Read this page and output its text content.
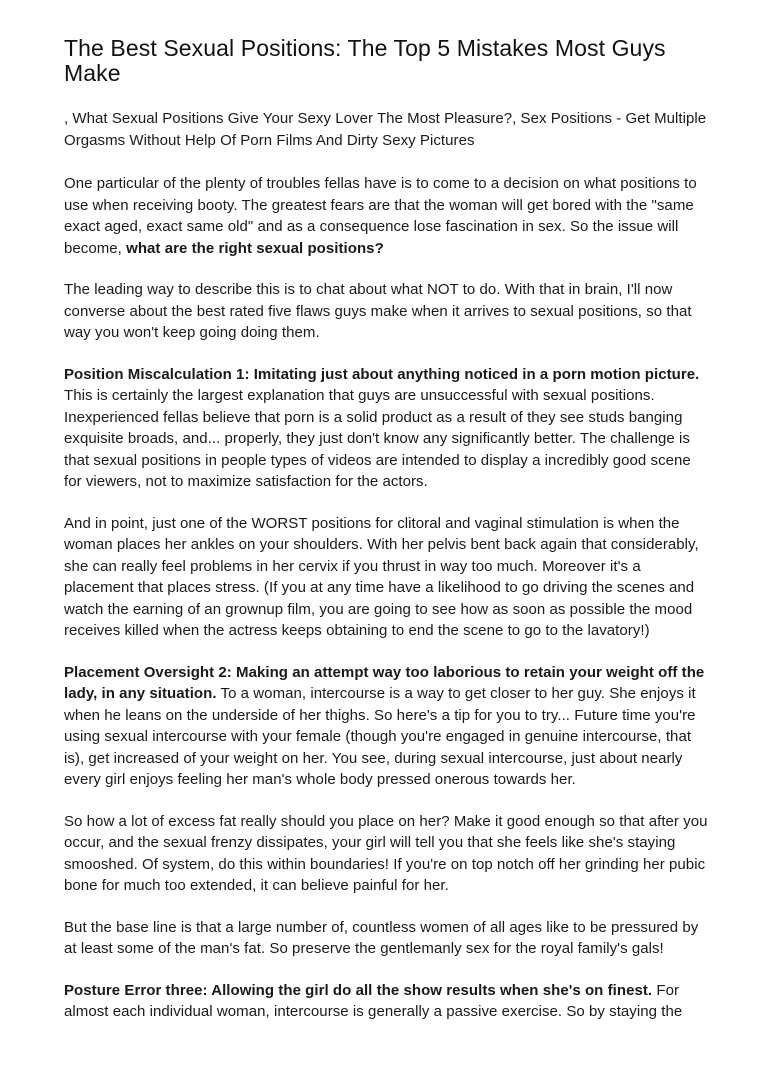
The Best Sexual Positions: The Top 5 Mistakes Most Guys Make

, What Sexual Positions Give Your Sexy Lover The Most Pleasure?, Sex Positions - Get Multiple Orgasms Without Help Of Porn Films And Dirty Sexy Pictures

One particular of the plenty of troubles fellas have is to come to a decision on what positions to use when receiving booty. The greatest fears are that the woman will get bored with the "same exact aged, exact same old" and as a consequence lose fascination in sex. So the issue will become, what are the right sexual positions?

The leading way to describe this is to chat about what NOT to do. With that in brain, I'll now converse about the best rated five flaws guys make when it arrives to sexual positions, so that way you won't keep going doing them.

Position Miscalculation 1: Imitating just about anything noticed in a porn motion picture. This is certainly the largest explanation that guys are unsuccessful with sexual positions. Inexperienced fellas believe that porn is a solid product as a result of they see studs banging exquisite broads, and... properly, they just don't know any significantly better. The challenge is that sexual positions in people types of videos are intended to display a incredibly good scene for viewers, not to maximize satisfaction for the actors.

And in point, just one of the WORST positions for clitoral and vaginal stimulation is when the woman places her ankles on your shoulders. With her pelvis bent back again that considerably, she can really feel problems in her cervix if you thrust in way too much. Moreover it's a placement that places stress. (If you at any time have a likelihood to go driving the scenes and watch the earning of an grownup film, you are going to see how as soon as possible the mood receives killed when the actress keeps obtaining to end the scene to go to the lavatory!)

Placement Oversight 2: Making an attempt way too laborious to retain your weight off the lady, in any situation. To a woman, intercourse is a way to get closer to her guy. She enjoys it when he leans on the underside of her thighs. So here's a tip for you to try... Future time you're using sexual intercourse with your female (though you're engaged in genuine intercourse, that is), get increased of your weight on her. You see, during sexual intercourse, just about nearly every girl enjoys feeling her man's whole body pressed onerous towards her.

So how a lot of excess fat really should you place on her? Make it good enough so that after you occur, and the sexual frenzy dissipates, your girl will tell you that she feels like she's staying smooshed. Of system, do this within boundaries! If you're on top notch off her grinding her pubic bone for much too extended, it can believe painful for her.

But the base line is that a large number of, countless women of all ages like to be pressured by at least some of the man's fat. So preserve the gentlemanly sex for the royal family's gals!

Posture Error three: Allowing the girl do all the show results when she's on finest. For almost each individual woman, intercourse is generally a passive exercise. So by staying the
